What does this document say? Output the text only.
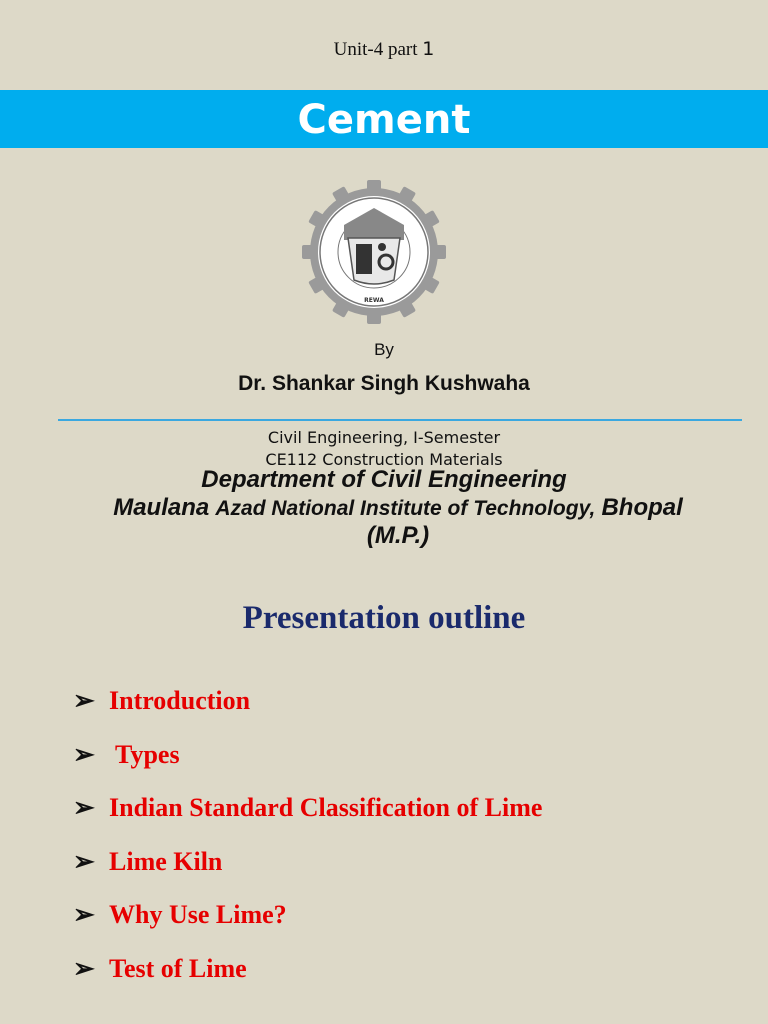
Unit-4 part 1
Cement
REWA
By
Dr. Shankar Singh Kushwaha
Civil Engineering, I-Semester
CE112 Construction Materials
Department of Civil Engineering
Maulana Azad National Institute of Technology, Bhopal
(M.P.)
Presentation outline
➢ Introduction
➢ Types
➢ Indian Standard Classification of Lime
➢ Lime Kiln
➢ Why Use Lime?
➢ Test of Lime
